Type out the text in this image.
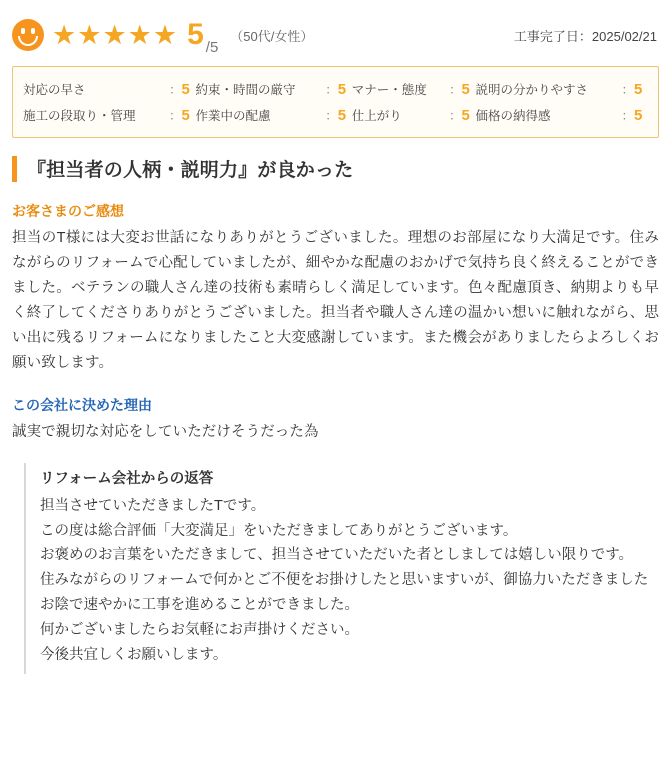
★ ★ ★ ★ ★ 5 /5
（50代/女性）	工事完了日：2025/02/21
対応の早さ	：	5	約束・時間の厳守	：	5	マナー・態度	：	5	説明の分かりやすさ	：	5
施工の段取り・管理	：	5	作業中の配慮	：	5	仕上がり	：	5	価格の納得感	：	5
『担当者の人柄・説明力』が良かった
お客さまのご感想
担当のT様には大変お世話になりありがとうございました。理想のお部屋になり大満足です。住みながらのリフォームで心配していましたが、細やかな配慮のおかげで気持ち良く終えることができました。ベテランの職人さん達の技術も素晴らしく満足しています。色々配慮頂き、納期よりも早く終了してくださりありがとうございました。担当者や職人さん達の温かい想いに触れながら、思い出に残るリフォームになりましたこと大変感謝しています。また機会がありましたらよろしくお願い致します。
この会社に決めた理由
誠実で親切な対応をしていただけそうだった為
リフォーム会社からの返答
担当させていただきましたTです。
この度は総合評価「大変満足」をいただきましてありがとうございます。
お褒めのお言葉をいただきまして、担当させていただいた者としましては嬉しい限りです。
住みながらのリフォームで何かとご不便をお掛けしたと思いますいが、御協力いただきましたお陰で速やかに工事を進めることができました。
何かございましたらお気軽にお声掛けください。
今後共宜しくお願いします。
